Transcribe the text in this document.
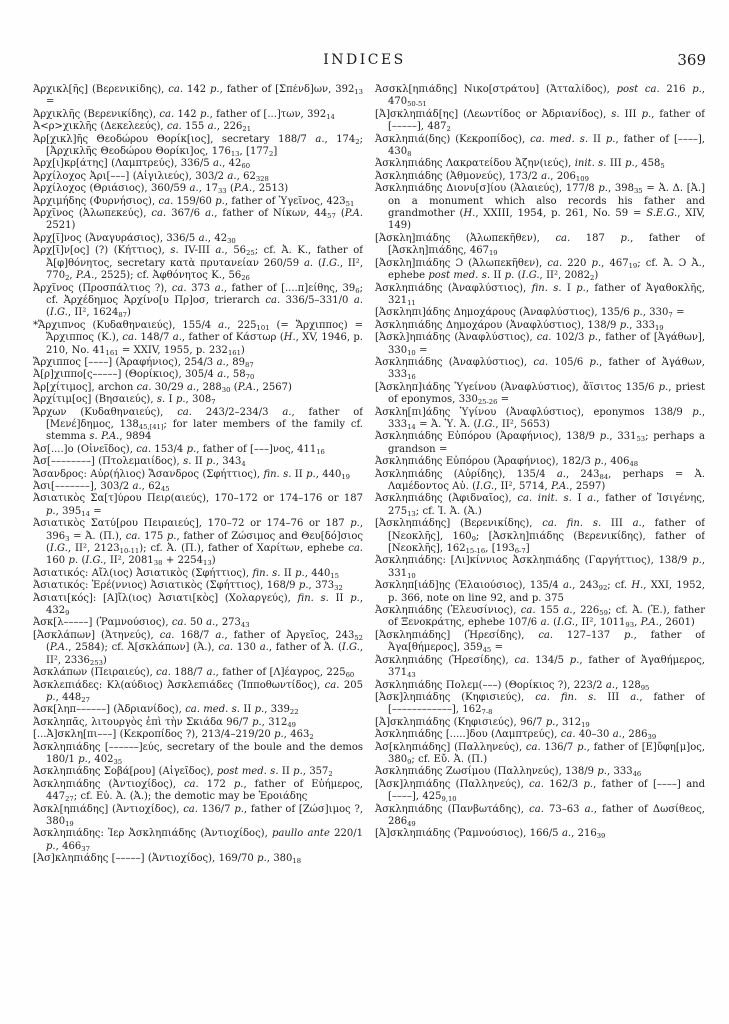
INDICES	369
Ἀρχικλ[ῆς] (Βερενικίδης), ca. 142 p., father of [Σπένδ]ων, $392_{13}$ =
Ἀρχικλῆς (Βερενικίδης), ca. 142 p., father of [...]των, $392_{14}$
Ἀ<ρ>χικλῆς (Δεκελεεύς), ca. 155 a., $226_{21}$
Ἀρ[χικλ]ῆς Θεοδώρου Θορίκ[ιος], secretary 188/7 a., $174_2$; [Ἀρχικλῆς Θεοδώρου Θορίκι]ος, $176_{13}$, $[177_2]$
Ἀρχ[ι]κρ[άτης] (Λαμπτρεύς), 336/5 a., $42_{60}$
Ἀρχίλοχος Ἀρι[–––] (Αἰγιλιεύς), 303/2 a., $62_{328}$
Ἀρχίλοχος (Θριάσιος), 360/59 a., $17_{33}$ (P.A., 2513)
Ἀρχιμήδης (Φυρνήσιος), ca. 159/60 p., father of Ὑγεῖνος, $423_{51}$
Ἀρχῖνος (Ἀλωπεκεύς), ca. 367/6 a., father of Νίκων, $44_{57}$ (P.A. 2521)
Ἀρχ[ῖ]νος (Ἀναγυράσιος), 336/5 a., $42_{30}$
Ἀρχ[ῖ]ν[ος] (?) (Κήττιος), s. IV-III a., $56_{25}$; cf. Ἀ. Κ., father of Ἀ[φ]θόνητος, secretary κατὰ πρυτανείαν 260/59 a. (I.G., II², $770_2$, P.A., 2525); cf. Ἀφθόνητος Κ., $56_{26}$
Ἀρχῖνος (Προσπάλτιος ?), ca. 373 a., father of [....π]είθης, $39_6$; cf. Ἀρχέδημος Ἀρχίνο[υ Πρ]οσ, trierarch ca. 336/5–331/0 a. (I.G., II², $1624_{87}$)
*Ἄρχιπνος (Κυδαθηναιεύς), 155/4 a., $225_{101}$ (= Ἄρχιππος) = Ἄρχιππος (Κ.), ca. 148/7 a., father of Κάστωρ (H., XV, 1946, p. 210, No. $41_{161}$ = XXIV, 1955, p. $232_{161}$)
Ἄρχιππος [––––] (Ἀραφήνιος), 254/3 a., $89_{87}$
Ἀ[ρ]χιππο[ς–––––] (Θορίκιος), 305/4 a., $58_{70}$
Ἀρ[χίτιμος], archon ca. 30/29 a., $288_{30}$ (P.A., 2567)
Ἀρχίτιμ[ος] (Βησαιεύς), s. I p., $308_7$
Ἄρχων (Κυδαθηναιεύς), ca. 243/2–234/3 a., father of [Μενέ]δημος, $138_{45,[41]}$; for later members of the family cf. stemma s. P.A., 9894
Ἀσ[....]ο (Οἰνεῖδος), ca. 153/4 p., father of [–––]νος, $411_{16}$
Ἀσ[––––––––] (Πτολεμαιίδος), s. II p., $343_4$
Ἄσανδρος: Αὐρ(ήλιος) Ἄσανδρος (Σφήττιος), fin. s. II p., $440_{19}$
Ἀσι[–––––––], 303/2 a., $62_{45}$
Ἀσιατικὸς Σα[τ]ύρου Πειρ(αιεύς), 170–172 or 174–176 or 187 p., $395_{14}$ =
Ἀσιατικὸς Σατύ[ρου Πειραιεύς], 170–72 or 174–76 or 187 p., $396_3$ = Ἀ. (Π.), ca. 175 p., father of Ζώσιμος and Θευ[δό]σιος (I.G., II², $2123_{10-11}$); cf. Ἀ. (Π.), father of Χαρίτων, ephebe ca. 160 p. (I.G., II², $2081_{38} + 2254_{13}$)
Ἀσιατικός: Αἴλ(ιος) Ἀσιατικὸς (Σφήττιος), fin. s. II p., $440_{15}$
Ἀσιατικός: Ἐρέ(ννιος) Ἀσιατικὸς (Σφήττιος), 168/9 p., $373_{32}$
Ἀσιατι[κός]: [Α]ἴλ(ιος) Ἀσιατι[κὸς] (Χολαργεύς), fin. s. II p., $432_9$
Ἀσκ[λ–––––] (Ῥαμνούσιος), ca. 50 a., $273_{43}$
[Ἀσκλάπων] (Ἀτηνεύς), ca. 168/7 a., father of Ἀργεῖος, $243_{52}$ (P.A., 2584); cf. Ἀ[σκλάπων] (Ἀ.), ca. 130 a., father of Ἀ. (I.G., II², $2336_{253}$)
Ἀσκλάπων (Πειραιεύς), ca. 188/7 a., father of [Λ]έαγρος, $225_{60}$
Ἀσκλεπιάδες: Κλ(αύδιος) Ἀσκλεπιάδες (Ἱπποθωντίδος), ca. 205 p., $448_{27}$
Ἀσκ[ληπ––––––] (Ἀδριανίδος), ca. med. s. II p., $339_{22}$
Ἀσκληπᾶς, λιτουργὸς ἐπὶ τὴν Σκιάδα 96/7 p., $312_{49}$
[...Ἀ]σκλη[πι–––] (Κεκροπίδος ?), 213/4–219/20 p., $463_2$
Ἀσκληπιάδης [––––––]εύς, secretary of the boule and the demos 180/1 p., $402_{35}$
Ἀσκληπιάδης Σοβά[ρου] (Αἰγεῖδος), post med. s. II p., $357_2$
Ἀσκληπιάδης (Ἀντιοχίδος), ca. 172 p., father of Εὐήμερος, $447_{27}$; cf. Εὐ. Ἀ. (Ἀ.); the demotic may be Ἐροιάδης
Ἀσκλ[ηπιάδης] (Ἀντιοχίδος), ca. 136/7 p., father of [Ζώσ]ιμος ?, $380_{19}$
Ἀσκληπιάδης: Ἱερ Ἀσκληπιάδης (Ἀντιοχίδος), paullo ante 220/1 p., $466_{37}$
[Ἀσ]κληπιάδης [–––––] (Ἀντιοχίδος), 169/70 p., $380_{18}$
Ἀσσκλ[ηπιάδης] Νικο[στράτου] (Ἀτταλίδος), post ca. 216 p., $470_{50-51}$
[Ἀ]σκληπιάδ[ης] (Λεωντίδος or Ἀδριανίδος), s. III p., father of [–––––], $487_2$
Ἀσκληπιά(δης) (Κεκροπίδος), ca. med. s. II p., father of [––––], $430_8$
Ἀσκληπιάδης Λακρατείδου Ἀζην(ιεύς), init. s. III p., $458_5$
Ἀσκληπιάδης (Ἀθμονεύς), 173/2 a., $206_{109}$
Ἀσκληπιάδης Διονυ[σ]ίου (Ἀλαιεύς), 177/8 p., $398_{35}$ = Ἀ. Δ. [Ἀ.] on a monument which also records his father and grandmother (H., XXIII, 1954, p. 261, No. 59 = S.E.G., XIV, 149)
[Ἀσκλη]πιάδης (Ἀλωπεκῆθεν), ca. 187 p., father of [Ἀσκλη]πιάδης, $467_{19}$
[Ἀσκλη]πιάδης Ɔ (Ἀλωπεκῆθεν), ca. 220 p., $467_{19}$; cf. Ἀ. Ɔ Ἀ., ephebe post med. s. II p. (I.G., II², $2082_2$)
Ἀσκληπιάδης (Ἀναφλύστιος), fin. s. I p., father of Ἀγαθοκλῆς, $321_{11}$
[Ἀσκληπι]άδης Δημοχάρους (Ἀναφλύστιος), 135/6 p., $330_7$ =
Ἀσκληπιάδης Δημοχάρου (Ἀναφλύστιος), 138/9 p., $333_{19}$
[Ἀσκλ]ηπιάδης (Ἀναφλύστιος), ca. 102/3 p., father of [Ἀγάθων], $330_{10}$ =
Ἀσκληπιάδης (Ἀναφλύστιος), ca. 105/6 p., father of Ἀγάθων, $333_{16}$
[Ἀσκληπ]ιάδης Ὑγείνου (Ἀναφλύστιος), ἄϊσιτος 135/6 p., priest of eponymos, $330_{25-26}$ =
Ἀσκλη[πι]άδης Ὑγίνου (Ἀναφλύστιος), eponymos 138/9 p., $333_{14}$ = Ἀ. Ὑ. Ἀ. (I.G., II², 5653)
Ἀσκληπιάδης Εὐπόρου (Ἀραφήνιος), 138/9 p., $331_{53}$; perhaps a grandson =
Ἀσκληπιάδης Εὐπόρου (Ἀραφήνιος), 182/3 p., $406_{48}$
Ἀσκληπιάδης (Αὐρίδης), 135/4 a., $243_{84}$, perhaps = Ἀ. Λαμέδοντος Αὐ. (I.G., II², 5714, P.A., 2597)
Ἀσκληπιάδης (Ἀφιδναῖος), ca. init. s. I a., father of Ἰσιγένης, $275_{13}$; cf. Ἰ. Ἀ. (Ἀ.)
[Ἀσκληπιάδης] (Βερενικίδης), ca. fin. s. III a., father of [Νεοκλῆς], $160_9$; [Ἀσκλη]πιάδης (Βερενικίδης), father of [Νεοκλῆς], $162_{15-16}$, $[193_{6-7}]$
Ἀσκληπιάδης: [Λι]κίννιος Ἀσκληπιάδης (Γαργήττιος), 138/9 p., $331_{10}$
Ἀσκληπ[ιάδ]ης (Ἐλαιούσιος), 135/4 a., $243_{92}$; cf. H., XXI, 1952, p. 366, note on line 92, and p. 375
Ἀσκληπιάδης (Ἐλευσίνιος), ca. 155 a., $226_{59}$; cf. Ἀ. (Ἐ.), father of Ξενοκράτης, ephebe 107/6 a. (I.G., II², $1011_{93}$, P.A., 2601)
[Ἀσκληπιάδης] (Ἡρεσίδης), ca. 127–137 p., father of Ἀγα[θήμερος], $359_{45}$ =
Ἀσκληπιάδης (Ἡρεσίδης), ca. 134/5 p., father of Ἀγαθήμερος, $371_{43}$
Ἀσκληπιάδης Πολεμ(–––) (Θορίκιος ?), 223/2 a., $128_{95}$
[Ἀσκ]ληπιάδης (Κηφισιεύς), ca. fin. s. III a., father of [––––––––––––], $162_{7-8}$
[Ἀ]σκληπιάδης (Κηφισιεύς), 96/7 p., $312_{19}$
Ἀσκληπιάδης [.....]δου (Λαμπτρεύς), ca. 40–30 a., $286_{39}$
Ἀσ[κληπιάδης] (Παλληνεύς), ca. 136/7 p., father of [Ε]ὔφη[μ]ος, $380_9$; cf. Εὔ. Ἀ. (Π.)
Ἀσκληπιάδης Ζωσίμου (Παλληνεύς), 138/9 p., $333_{46}$
[Ἀσκ]ληπιάδης (Παλληνεύς), ca. 162/3 p., father of [––––] and [––––], $425_{9,10}$
Ἀσκληπιάδης (Πανβωτάδης), ca. 73–63 a., father of Δωσίθεος, $286_{49}$
[Ἀ]σκληπιάδης (Ῥαμνούσιος), 166/5 a., $216_{39}$
